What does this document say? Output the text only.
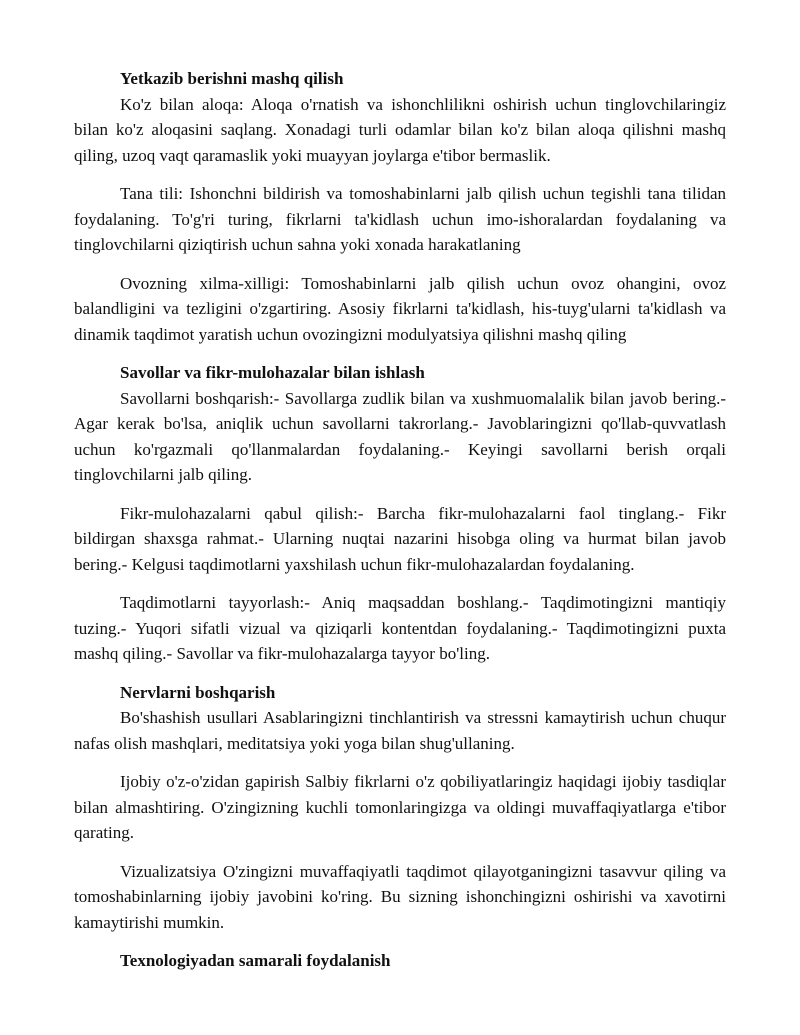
Yetkazib berishni mashq qilish

Ko'z bilan aloqa: Aloqa o'rnatish va ishonchlilikni oshirish uchun tinglovchilaringiz bilan ko'z aloqasini saqlang. Xonadagi turli odamlar bilan ko'z bilan aloqa qilishni mashq qiling, uzoq vaqt qaramaslik yoki muayyan joylarga e'tibor bermaslik.

Tana tili: Ishonchni bildirish va tomoshabinlarni jalb qilish uchun tegishli tana tilidan foydalaning. To'g'ri turing, fikrlarni ta'kidlash uchun imo-ishoralardan foydalaning va tinglovchilarni qiziqtirish uchun sahna yoki xonada harakatlaning

Ovozning xilma-xilligi: Tomoshabinlarni jalb qilish uchun ovoz ohangini, ovoz balandligini va tezligini o'zgartiring. Asosiy fikrlarni ta'kidlash, his-tuyg'ularni ta'kidlash va dinamik taqdimot yaratish uchun ovozingizni modulyatsiya qilishni mashq qiling

Savollar va fikr-mulohazalar bilan ishlash

Savollarni boshqarish:- Savollarga zudlik bilan va xushmuomalalik bilan javob bering.- Agar kerak bo'lsa, aniqlik uchun savollarni takrorlang.- Javoblaringizni qo'llab-quvvatlash uchun ko'rgazmali qo'llanmalardan foydalaning.- Keyingi savollarni berish orqali tinglovchilarni jalb qiling.

Fikr-mulohazalarni qabul qilish:- Barcha fikr-mulohazalarni faol tinglang.- Fikr bildirgan shaxsga rahmat.- Ularning nuqtai nazarini hisobga oling va hurmat bilan javob bering.- Kelgusi taqdimotlarni yaxshilash uchun fikr-mulohazalardan foydalaning.

Taqdimotlarni tayyorlash:- Aniq maqsaddan boshlang.- Taqdimotingizni mantiqiy tuzing.- Yuqori sifatli vizual va qiziqarli kontentdan foydalaning.- Taqdimotingizni puxta mashq qiling.- Savollar va fikr-mulohazalarga tayyor bo'ling.

Nervlarni boshqarish

Bo'shashish usullari Asablaringizni tinchlantirish va stressni kamaytirish uchun chuqur nafas olish mashqlari, meditatsiya yoki yoga bilan shug'ullaning.

Ijobiy o'z-o'zidan gapirish Salbiy fikrlarni o'z qobiliyatlaringiz haqidagi ijobiy tasdiqlar bilan almashtiring. O'zingizning kuchli tomonlaringizga va oldingi muvaffaqiyatlarga e'tibor qarating.

Vizualizatsiya O'zingizni muvaffaqiyatli taqdimot qilayotganingizni tasavvur qiling va tomoshabinlarning ijobiy javobini ko'ring. Bu sizning ishonchingizni oshirishi va xavotirni kamaytirishi mumkin.

Texnologiyadan samarali foydalanish
